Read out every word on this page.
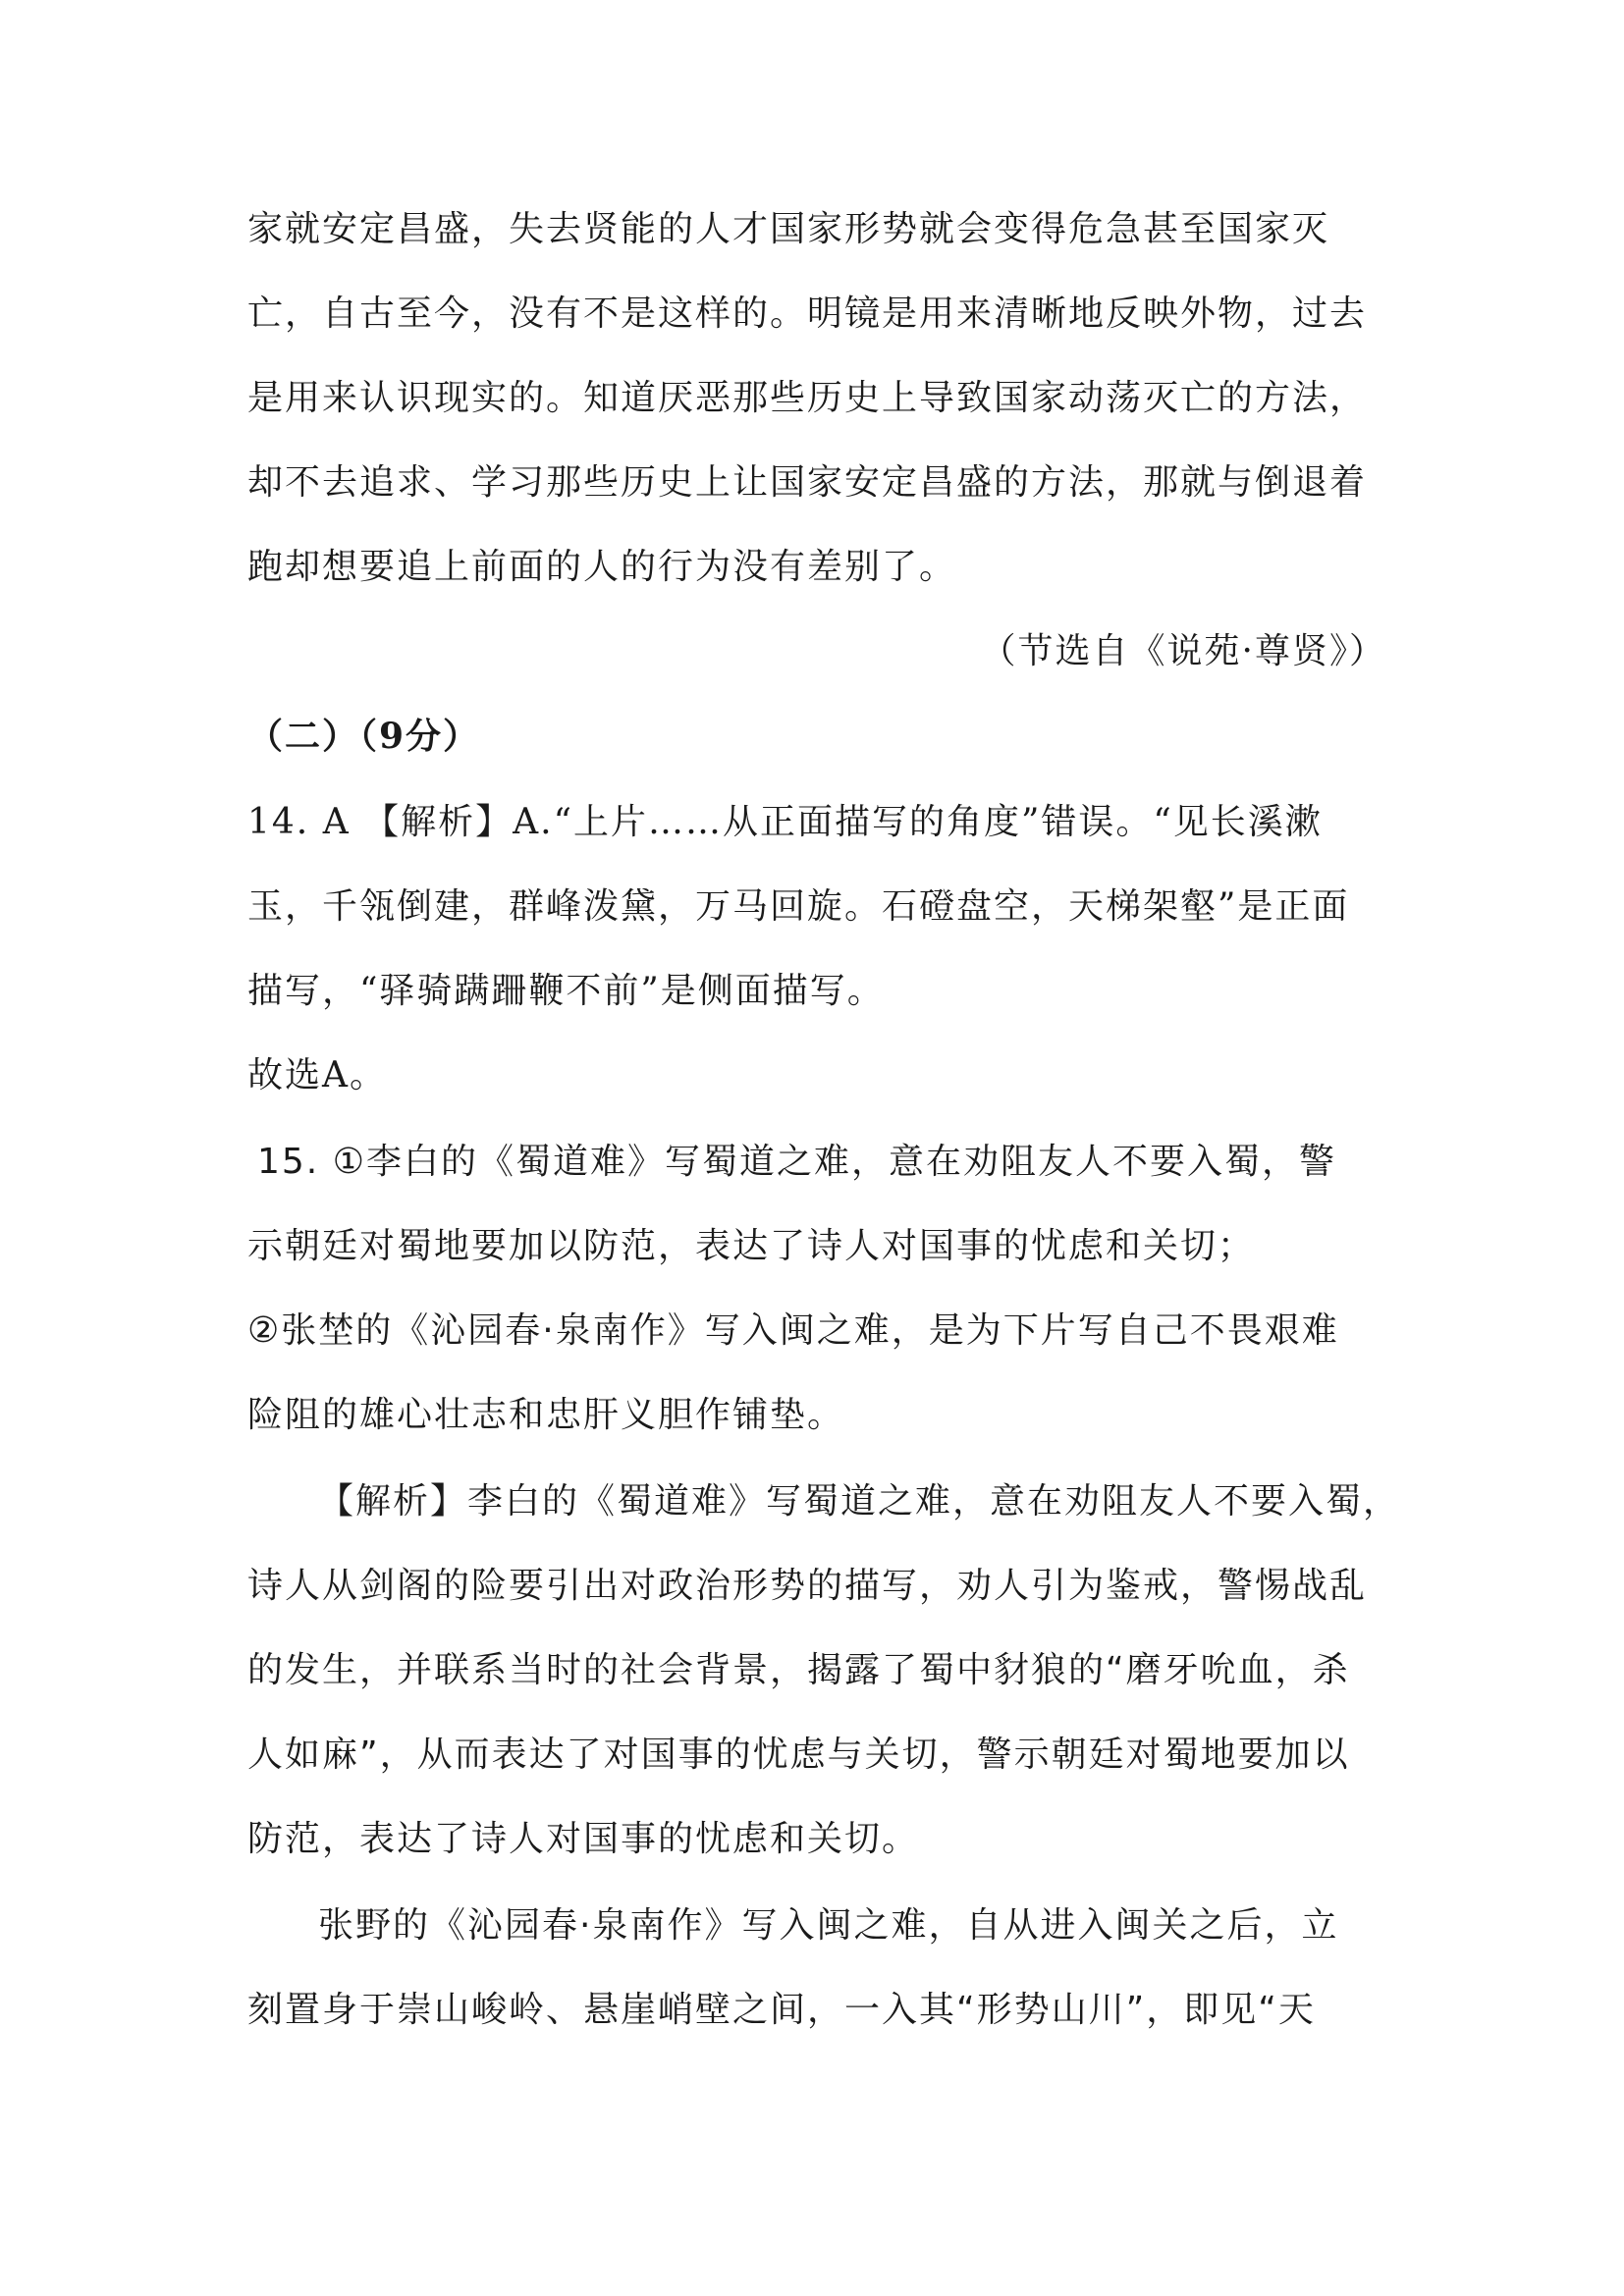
家就安定昌盛，失去贤能的人才国家形势就会变得危急甚至国家灭

亡，自古至今，没有不是这样的。明镜是用来清晰地反映外物，过去

是用来认识现实的。知道厌恶那些历史上导致国家动荡灭亡的方法，

却不去追求、学习那些历史上让国家安定昌盛的方法，那就与倒退着

跑却想要追上前面的人的行为没有差别了。

（节选自《说苑·尊贤》）

（二）（9分）

14. A 【解析】A.“上片……从正面描写的角度”错误。“见长溪漱

玉，千瓴倒建，群峰泼黛，万马回旋。石磴盘空，天梯架壑”是正面

描写，“驿骑蹒跚鞭不前”是侧面描写。

故选A。

15. ①李白的《蜀道难》写蜀道之难，意在劝阻友人不要入蜀，警

示朝廷对蜀地要加以防范，表达了诗人对国事的忧虑和关切；

②张埜的《沁园春·泉南作》写入闽之难，是为下片写自己不畏艰难

险阻的雄心壮志和忠肝义胆作铺垫。

【解析】李白的《蜀道难》写蜀道之难，意在劝阻友人不要入蜀，

诗人从剑阁的险要引出对政治形势的描写，劝人引为鉴戒，警惕战乱

的发生，并联系当时的社会背景，揭露了蜀中豺狼的“磨牙吮血，杀

人如麻”，从而表达了对国事的忧虑与关切，警示朝廷对蜀地要加以

防范，表达了诗人对国事的忧虑和关切。

张野的《沁园春·泉南作》写入闽之难，自从进入闽关之后，立

刻置身于崇山峻岭、悬崖峭壁之间，一入其“形势山川”，即见“天
